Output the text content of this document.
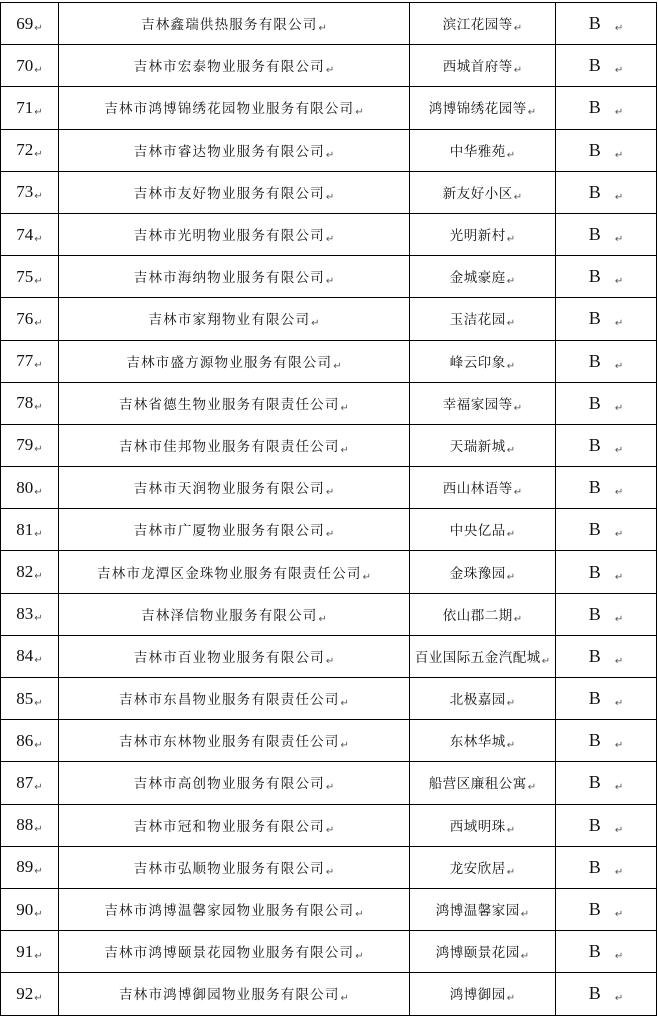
69↵	吉林鑫瑞供热服务有限公司↵	滨江花园等↵	B ↵
70↵	吉林市宏泰物业服务有限公司↵	西城首府等↵	B ↵
71↵	吉林市鸿博锦绣花园物业服务有限公司↵	鸿博锦绣花园等↵	B ↵
72↵	吉林市睿达物业服务有限公司↵	中华雅苑↵	B ↵
73↵	吉林市友好物业服务有限公司↵	新友好小区↵	B ↵
74↵	吉林市光明物业服务有限公司↵	光明新村↵	B ↵
75↵	吉林市海纳物业服务有限公司↵	金城豪庭↵	B ↵
76↵	吉林市家翔物业有限公司↵	玉洁花园↵	B ↵
77↵	吉林市盛方源物业服务有限公司↵	峰云印象↵	B ↵
78↵	吉林省德生物业服务有限责任公司↵	幸福家园等↵	B ↵
79↵	吉林市佳邦物业服务有限责任公司↵	天瑞新城↵	B ↵
80↵	吉林市天润物业服务有限公司↵	西山林语等↵	B ↵
81↵	吉林市广厦物业服务有限公司↵	中央亿品↵	B ↵
82↵	吉林市龙潭区金珠物业服务有限责任公司↵	金珠豫园↵	B ↵
83↵	吉林泽信物业服务有限公司↵	依山郡二期↵	B ↵
84↵	吉林市百业物业服务有限公司↵	百业国际五金汽配城↵	B ↵
85↵	吉林市东昌物业服务有限责任公司↵	北极嘉园↵	B ↵
86↵	吉林市东林物业服务有限责任公司↵	东林华城↵	B ↵
87↵	吉林市高创物业服务有限公司↵	船营区廉租公寓↵	B ↵
88↵	吉林市冠和物业服务有限公司↵	西域明珠↵	B ↵
89↵	吉林市弘顺物业服务有限公司↵	龙安欣居↵	B ↵
90↵	吉林市鸿博温馨家园物业服务有限公司↵	鸿博温馨家园↵	B ↵
91↵	吉林市鸿博颐景花园物业服务有限公司↵	鸿博颐景花园↵	B ↵
92↵	吉林市鸿博御园物业服务有限公司↵	鸿博御园↵	B ↵
